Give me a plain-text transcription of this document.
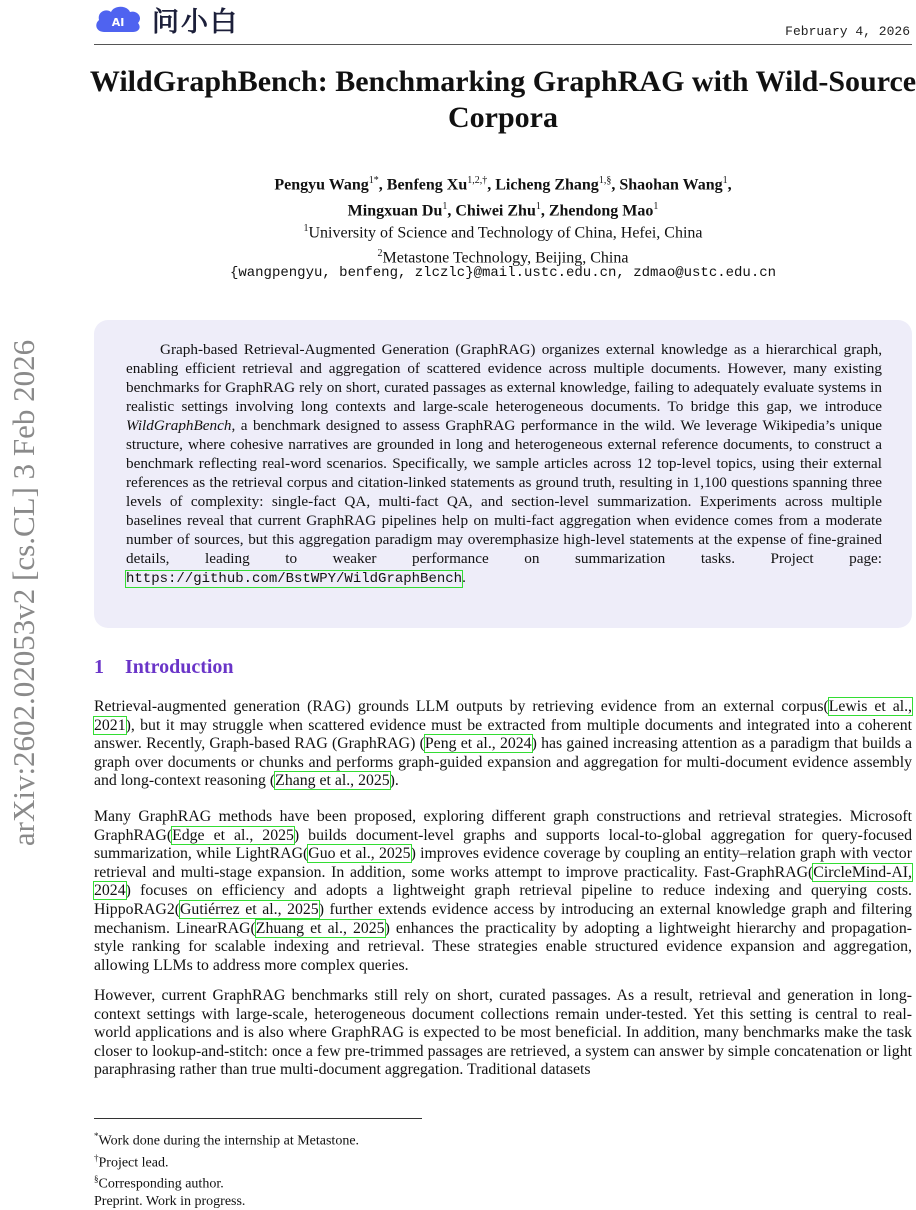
AI 问小白	February 4, 2026
arXiv:2602.02053v2 [cs.CL] 3 Feb 2026
WildGraphBench: Benchmarking GraphRAG with Wild-Source Corpora
Pengyu Wang$^{1*}$, Benfeng $Xu^{1,2,\dagger}$, Licheng Zhang$^{1,\S}$, Shaohan Wang$^1$,
Mingxuan Du$^1$, Chiwei Zhu$^1$, Zhendong Mao$^1$
$^1$University of Science and Technology of China, Hefei, China
$^2$Metastone Technology, Beijing, China
{wangpengyu, benfeng, zlczlc}@mail.ustc.edu.cn, zdmao@ustc.edu.cn
Graph-based Retrieval-Augmented Generation (GraphRAG) organizes external knowledge as a hierarchical graph, enabling efficient retrieval and aggregation of scattered evidence across multiple documents. However, many existing benchmarks for GraphRAG rely on short, curated passages as external knowledge, failing to adequately evaluate systems in realistic settings involving long contexts and large-scale heterogeneous documents. To bridge this gap, we introduce WildGraphBench, a benchmark designed to assess GraphRAG performance in the wild. We leverage Wikipedia’s unique structure, where cohesive narratives are grounded in long and heterogeneous external reference documents, to construct a benchmark reflecting real-word scenarios. Specifically, we sample articles across 12 top-level topics, using their external references as the retrieval corpus and citation-linked statements as ground truth, resulting in 1,100 questions spanning three levels of complexity: single-fact QA, multi-fact QA, and section-level summarization. Experiments across multiple baselines reveal that current GraphRAG pipelines help on multi-fact aggregation when evidence comes from a moderate number of sources, but this aggregation paradigm may overemphasize high-level statements at the expense of fine-grained details, leading to weaker performance on summarization tasks. Project page: https://github.com/BstWPY/WildGraphBench.
1 Introduction
Retrieval-augmented generation (RAG) grounds LLM outputs by retrieving evidence from an external corpus(Lewis et al., 2021), but it may struggle when scattered evidence must be extracted from multiple documents and integrated into a coherent answer. Recently, Graph-based RAG (GraphRAG) (Peng et al., 2024) has gained increasing attention as a paradigm that builds a graph over documents or chunks and performs graph-guided expansion and aggregation for multi-document evidence assembly and long-context reasoning (Zhang et al., 2025).
Many GraphRAG methods have been proposed, exploring different graph constructions and retrieval strategies. Microsoft GraphRAG(Edge et al., 2025) builds document-level graphs and supports local-to-global aggregation for query-focused summarization, while LightRAG(Guo et al., 2025) improves evidence coverage by coupling an entity–relation graph with vector retrieval and multi-stage expansion. In addition, some works attempt to improve practicality. Fast-GraphRAG(CircleMind-AI, 2024) focuses on efficiency and adopts a lightweight graph retrieval pipeline to reduce indexing and querying costs. HippoRAG2(Gutiérrez et al., 2025) further extends evidence access by introducing an external knowledge graph and filtering mechanism. LinearRAG(Zhuang et al., 2025) enhances the practicality by adopting a lightweight hierarchy and propagation-style ranking for scalable indexing and retrieval. These strategies enable structured evidence expansion and aggregation, allowing LLMs to address more complex queries.
However, current GraphRAG benchmarks still rely on short, curated passages. As a result, retrieval and generation in long-context settings with large-scale, heterogeneous document collections remain under-tested. Yet this setting is central to real-world applications and is also where GraphRAG is expected to be most beneficial. In addition, many benchmarks make the task closer to lookup-and-stitch: once a few pre-trimmed passages are retrieved, a system can answer by simple concatenation or light paraphrasing rather than true multi-document aggregation. Traditional datasets
*Work done during the internship at Metastone.
†Project lead.
§Corresponding author.
Preprint. Work in progress.
